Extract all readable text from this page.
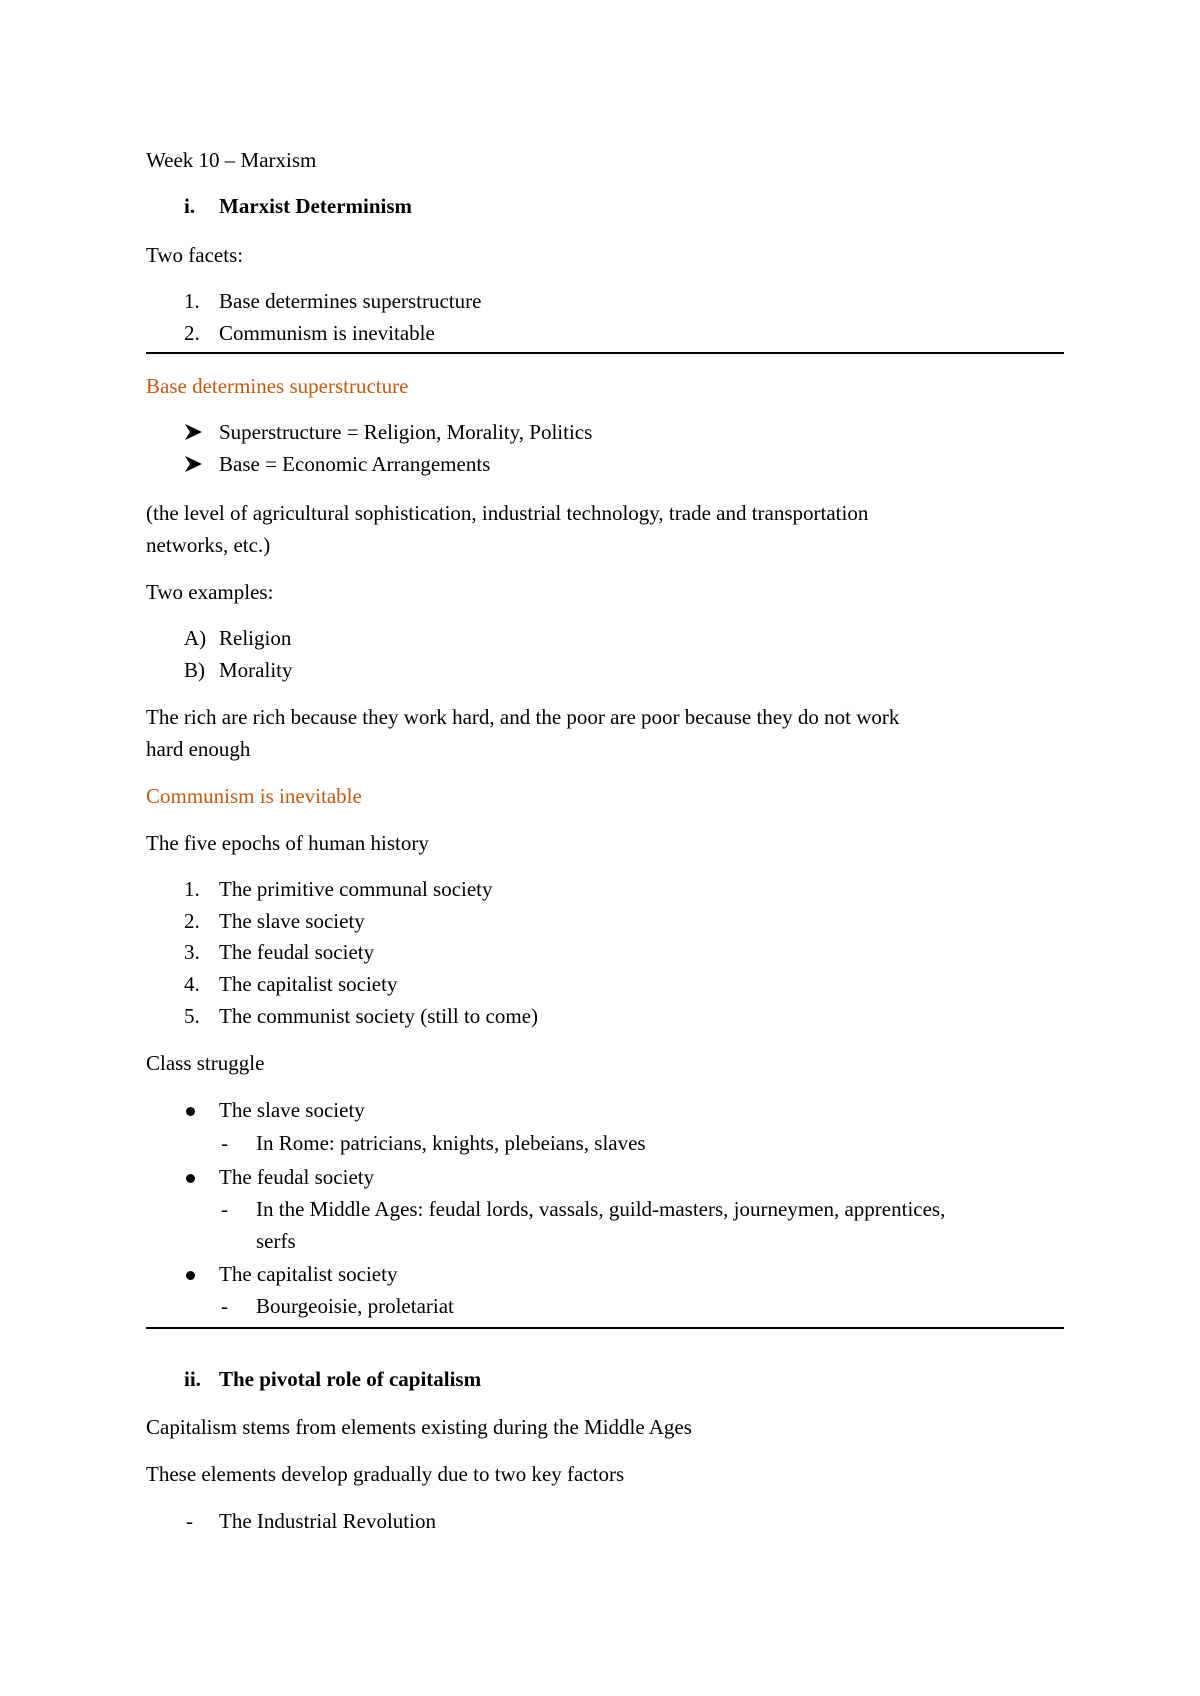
Week 10 – Marxism
i. Marxist Determinism
Two facets:
1. Base determines superstructure
2. Communism is inevitable
Base determines superstructure
Superstructure = Religion, Morality, Politics
Base = Economic Arrangements
(the level of agricultural sophistication, industrial technology, trade and transportation
networks, etc.)
Two examples:
A) Religion
B) Morality
The rich are rich because they work hard, and the poor are poor because they do not work
hard enough
Communism is inevitable
The five epochs of human history
1. The primitive communal society
2. The slave society
3. The feudal society
4. The capitalist society
5. The communist society (still to come)
Class struggle
The slave society
- In Rome: patricians, knights, plebeians, slaves
The feudal society
- In the Middle Ages: feudal lords, vassals, guild-masters, journeymen, apprentices,
serfs
The capitalist society
- Bourgeoisie, proletariat
ii. The pivotal role of capitalism
Capitalism stems from elements existing during the Middle Ages
These elements develop gradually due to two key factors
- The Industrial Revolution
